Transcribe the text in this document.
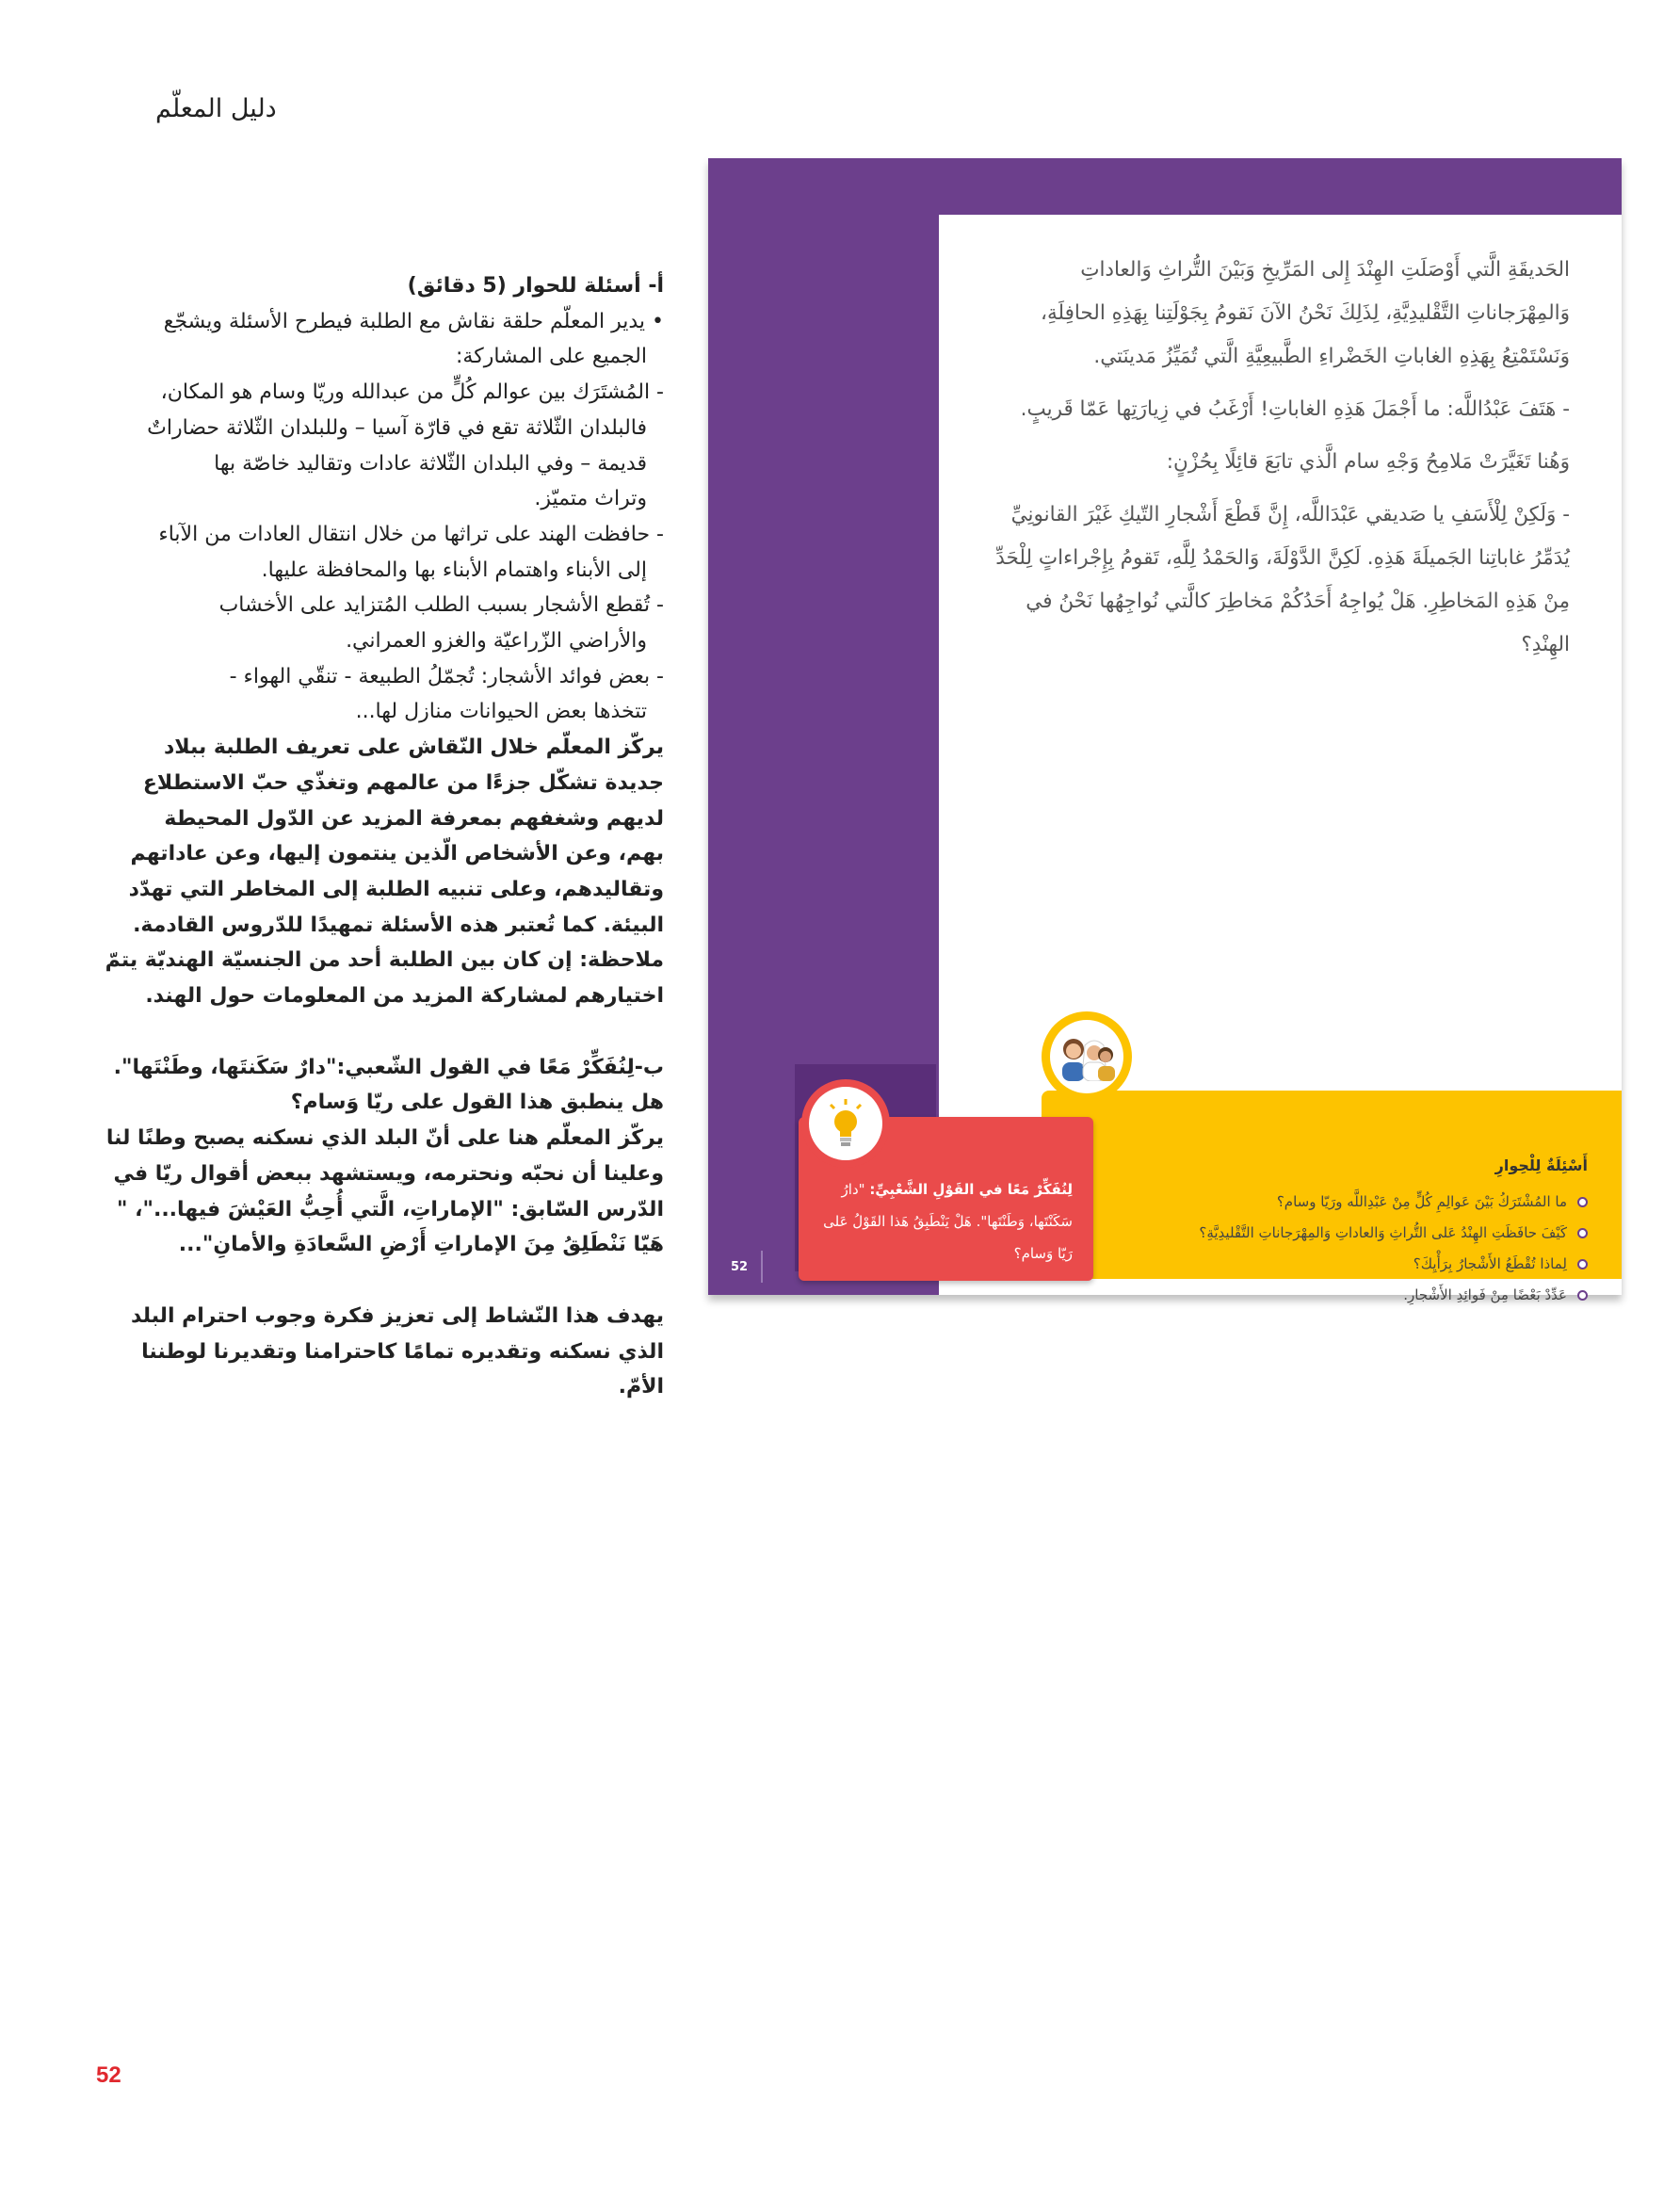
دليل المعلّم

الحَديقَةِ الَّتي أَوْصَلَتِ الهِنْدَ إِلى المَرِّيخِ وَبَيْنَ التُّراثِ وَالعاداتِ وَالمِهْرَجاناتِ التَّقْليدِيَّةِ، لِذَلِكَ نَحْنُ الآنَ نَقومُ بِجَوْلَتِنا بِهَذِهِ الحافِلَةِ، وَنَسْتَمْتِعُ بِهَذِهِ الغاباتِ الخَضْراءِ الطَّبيعِيَّةِ الَّتي تُمَيِّزُ مَدينَتي.

- هَتَفَ عَبْدُاللَّه: ما أَجْمَلَ هَذِهِ الغاباتِ! أَرْغَبُ في زِيارَتِها عَمّا قَريبٍ.

وَهُنا تَغَيَّرَتْ مَلامِحُ وَجْهِ سام الَّذي تابَعَ قائِلًا بِحُزْنٍ:

- وَلَكِنْ لِلْأَسَفِ يا صَديقي عَبْدَاللَّه، إِنَّ قَطْعَ أَشْجارِ التّيكِ غَيْرَ القانونِيِّ يُدَمِّرُ غاباتِنا الجَميلَةَ هَذِهِ. لَكِنَّ الدَّوْلَةَ، وَالحَمْدُ لِلَّهِ، تَقومُ بِإِجْراءاتٍ لِلْحَدِّ مِنْ هَذِهِ المَخاطِرِ. هَلْ يُواجِهُ أَحَدُكُمْ مَخاطِرَ كالَّتي نُواجِهُها نَحْنُ في الهِنْدِ؟

أَسْئِلَةٌ لِلْحِوارِ
ما المُشْتَرَكُ بَيْنَ عَوالِمِ كُلٍّ مِنْ عَبْدِاللَّه ورَيّا وسام؟
كَيْفَ حافَظَتِ الهِنْدُ عَلى التُّراثِ وَالعاداتِ وَالمِهْرَجاناتِ التَّقْليدِيَّةِ؟
لِماذا تُقْطَعُ الأَشْجارُ بِرَأْيِكَ؟
عَدِّدْ بَعْضًا مِنْ فَوائِدِ الأَشْجارِ.
لِنُفَكِّرْ مَعًا في القَوْلِ الشَّعْبِيِّ: "دارُ سَكَنْتَها، وَطَنْتَها". هَلْ يَنْطَبِقُ هَذا القَوْلُ عَلى رَيّا وَسام؟
52
أ- أسئلة للحوار (5 دقائق)
• يدير المعلّم حلقة نقاش مع الطلبة فيطرح الأسئلة ويشجّع
الجميع على المشاركة:
- المُشتَرَك بين عوالم كُلٍّ من عبدالله وريّا وسام هو المكان،
فالبلدان الثّلاثة تقع في قارّة آسيا – وللبلدان الثّلاثة حضاراتٌ
قديمة – وفي البلدان الثّلاثة عادات وتقاليد خاصّة بها
وتراث متميّز.
- حافظت الهند على تراثها من خلال انتقال العادات من الآباء
إلى الأبناء واهتمام الأبناء بها والمحافظة عليها.
- تُقطع الأشجار بسبب الطلب المُتزايد على الأخشاب
والأراضي الزّراعيّة والغزو العمراني.
- بعض فوائد الأشجار: تُجمّلُ الطبيعة - تنقّي الهواء -
تتخذها بعض الحيوانات منازل لها...
يركّز المعلّم خلال النّقاش على تعريف الطلبة ببلاد
جديدة تشكّل جزءًا من عالمهم وتغذّي حبّ الاستطلاع
لديهم وشغفهم بمعرفة المزيد عن الدّول المحيطة
بهم، وعن الأشخاص الّذين ينتمون إليها، وعن عاداتهم
وتقاليدهم، وعلى تنبيه الطلبة إلى المخاطر التي تهدّد
البيئة. كما تُعتبر هذه الأسئلة تمهيدًا للدّروس القادمة.
ملاحظة: إن كان بين الطلبة أحد من الجنسيّة الهنديّة يتمّ
اختيارهم لمشاركة المزيد من المعلومات حول الهند.
ب-لِنُفَكِّرْ مَعًا في القول الشّعبي:"دارٌ سَكَنتَها، وطَنْتَها".
هل ينطبق هذا القول على ريّا وَسام؟
يركّز المعلّم هنا على أنّ البلد الذي نسكنه يصبح وطنًا لنا
وعلينا أن نحبّه ونحترمه، ويستشهد ببعض أقوال ريّا في
الدّرس السّابق: "الإماراتِ، الَّتي أُحِبُّ العَيْشَ فيها..."، "
هَيّا نَنْطَلِقُ مِنَ الإماراتِ أَرْضِ السَّعادَةِ والأمانِ"...
يهدف هذا النّشاط إلى تعزيز فكرة وجوب احترام البلد
الذي نسكنه وتقديره تمامًا كاحترامنا وتقديرنا لوطننا
الأمّ.
52
